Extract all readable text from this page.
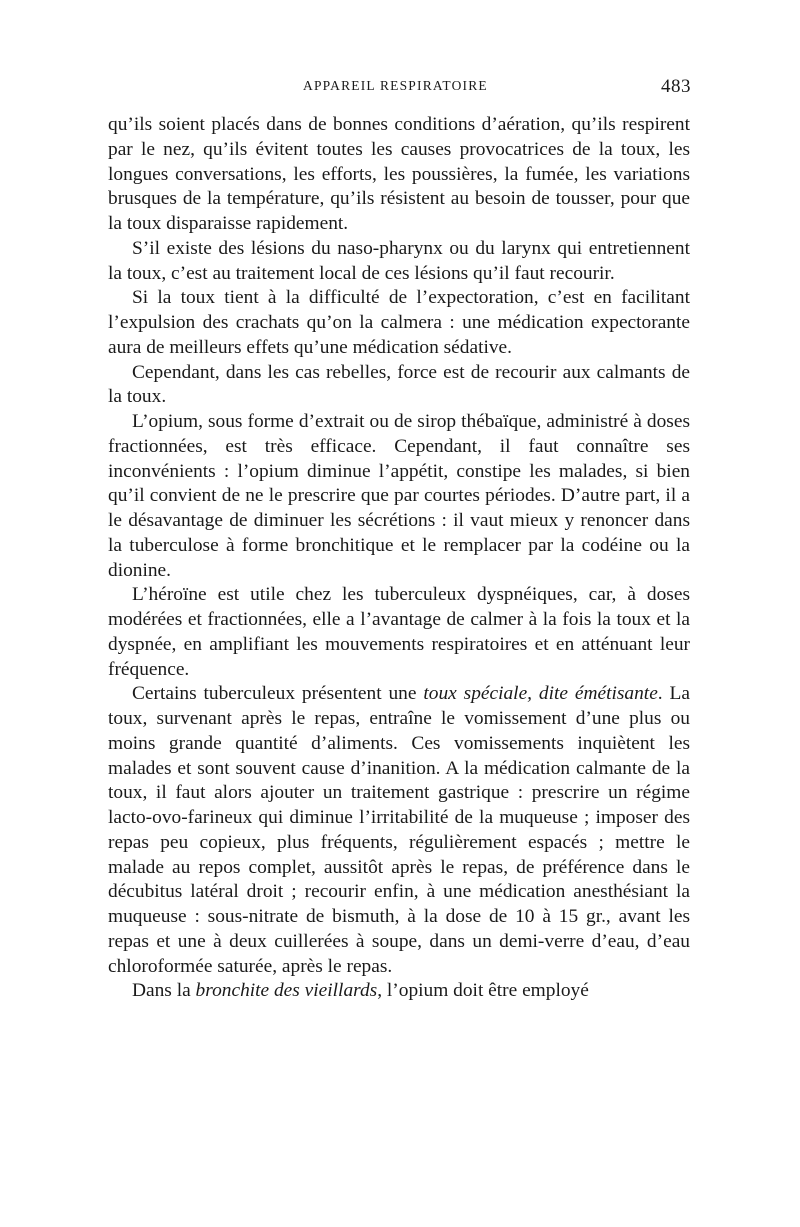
APPAREIL RESPIRATOIRE	483

qu’ils soient placés dans de bonnes conditions d’aération, qu’ils respirent par le nez, qu’ils évitent toutes les causes provocatrices de la toux, les longues conversations, les efforts, les poussières, la fumée, les variations brusques de la température, qu’ils résistent au besoin de tousser, pour que la toux disparaisse rapidement.

S’il existe des lésions du naso-pharynx ou du larynx qui entretiennent la toux, c’est au traitement local de ces lésions qu’il faut recourir.

Si la toux tient à la difficulté de l’expectoration, c’est en facilitant l’expulsion des crachats qu’on la calmera : une médication expectorante aura de meilleurs effets qu’une médication sédative.

Cependant, dans les cas rebelles, force est de recourir aux calmants de la toux.

L’opium, sous forme d’extrait ou de sirop thébaïque, administré à doses fractionnées, est très efficace. Cependant, il faut connaître ses inconvénients : l’opium diminue l’appétit, constipe les malades, si bien qu’il convient de ne le prescrire que par courtes périodes. D’autre part, il a le désavantage de diminuer les sécrétions : il vaut mieux y renoncer dans la tuberculose à forme bronchitique et le remplacer par la codéine ou la dionine.

L’héroïne est utile chez les tuberculeux dyspnéiques, car, à doses modérées et fractionnées, elle a l’avantage de calmer à la fois la toux et la dyspnée, en amplifiant les mouvements respiratoires et en atténuant leur fréquence.

Certains tuberculeux présentent une toux spéciale, dite émétisante. La toux, survenant après le repas, entraîne le vomissement d’une plus ou moins grande quantité d’aliments. Ces vomissements inquiètent les malades et sont souvent cause d’inanition. A la médication calmante de la toux, il faut alors ajouter un traitement gastrique : prescrire un régime lacto-ovo-farineux qui diminue l’irritabilité de la muqueuse ; imposer des repas peu copieux, plus fréquents, régulièrement espacés ; mettre le malade au repos complet, aussitôt après le repas, de préférence dans le décubitus latéral droit ; recourir enfin, à une médication anesthésiant la muqueuse : sous-nitrate de bismuth, à la dose de 10 à 15 gr., avant les repas et une à deux cuillerées à soupe, dans un demi-verre d’eau, d’eau chloroformée saturée, après le repas.

Dans la bronchite des vieillards, l’opium doit être employé
